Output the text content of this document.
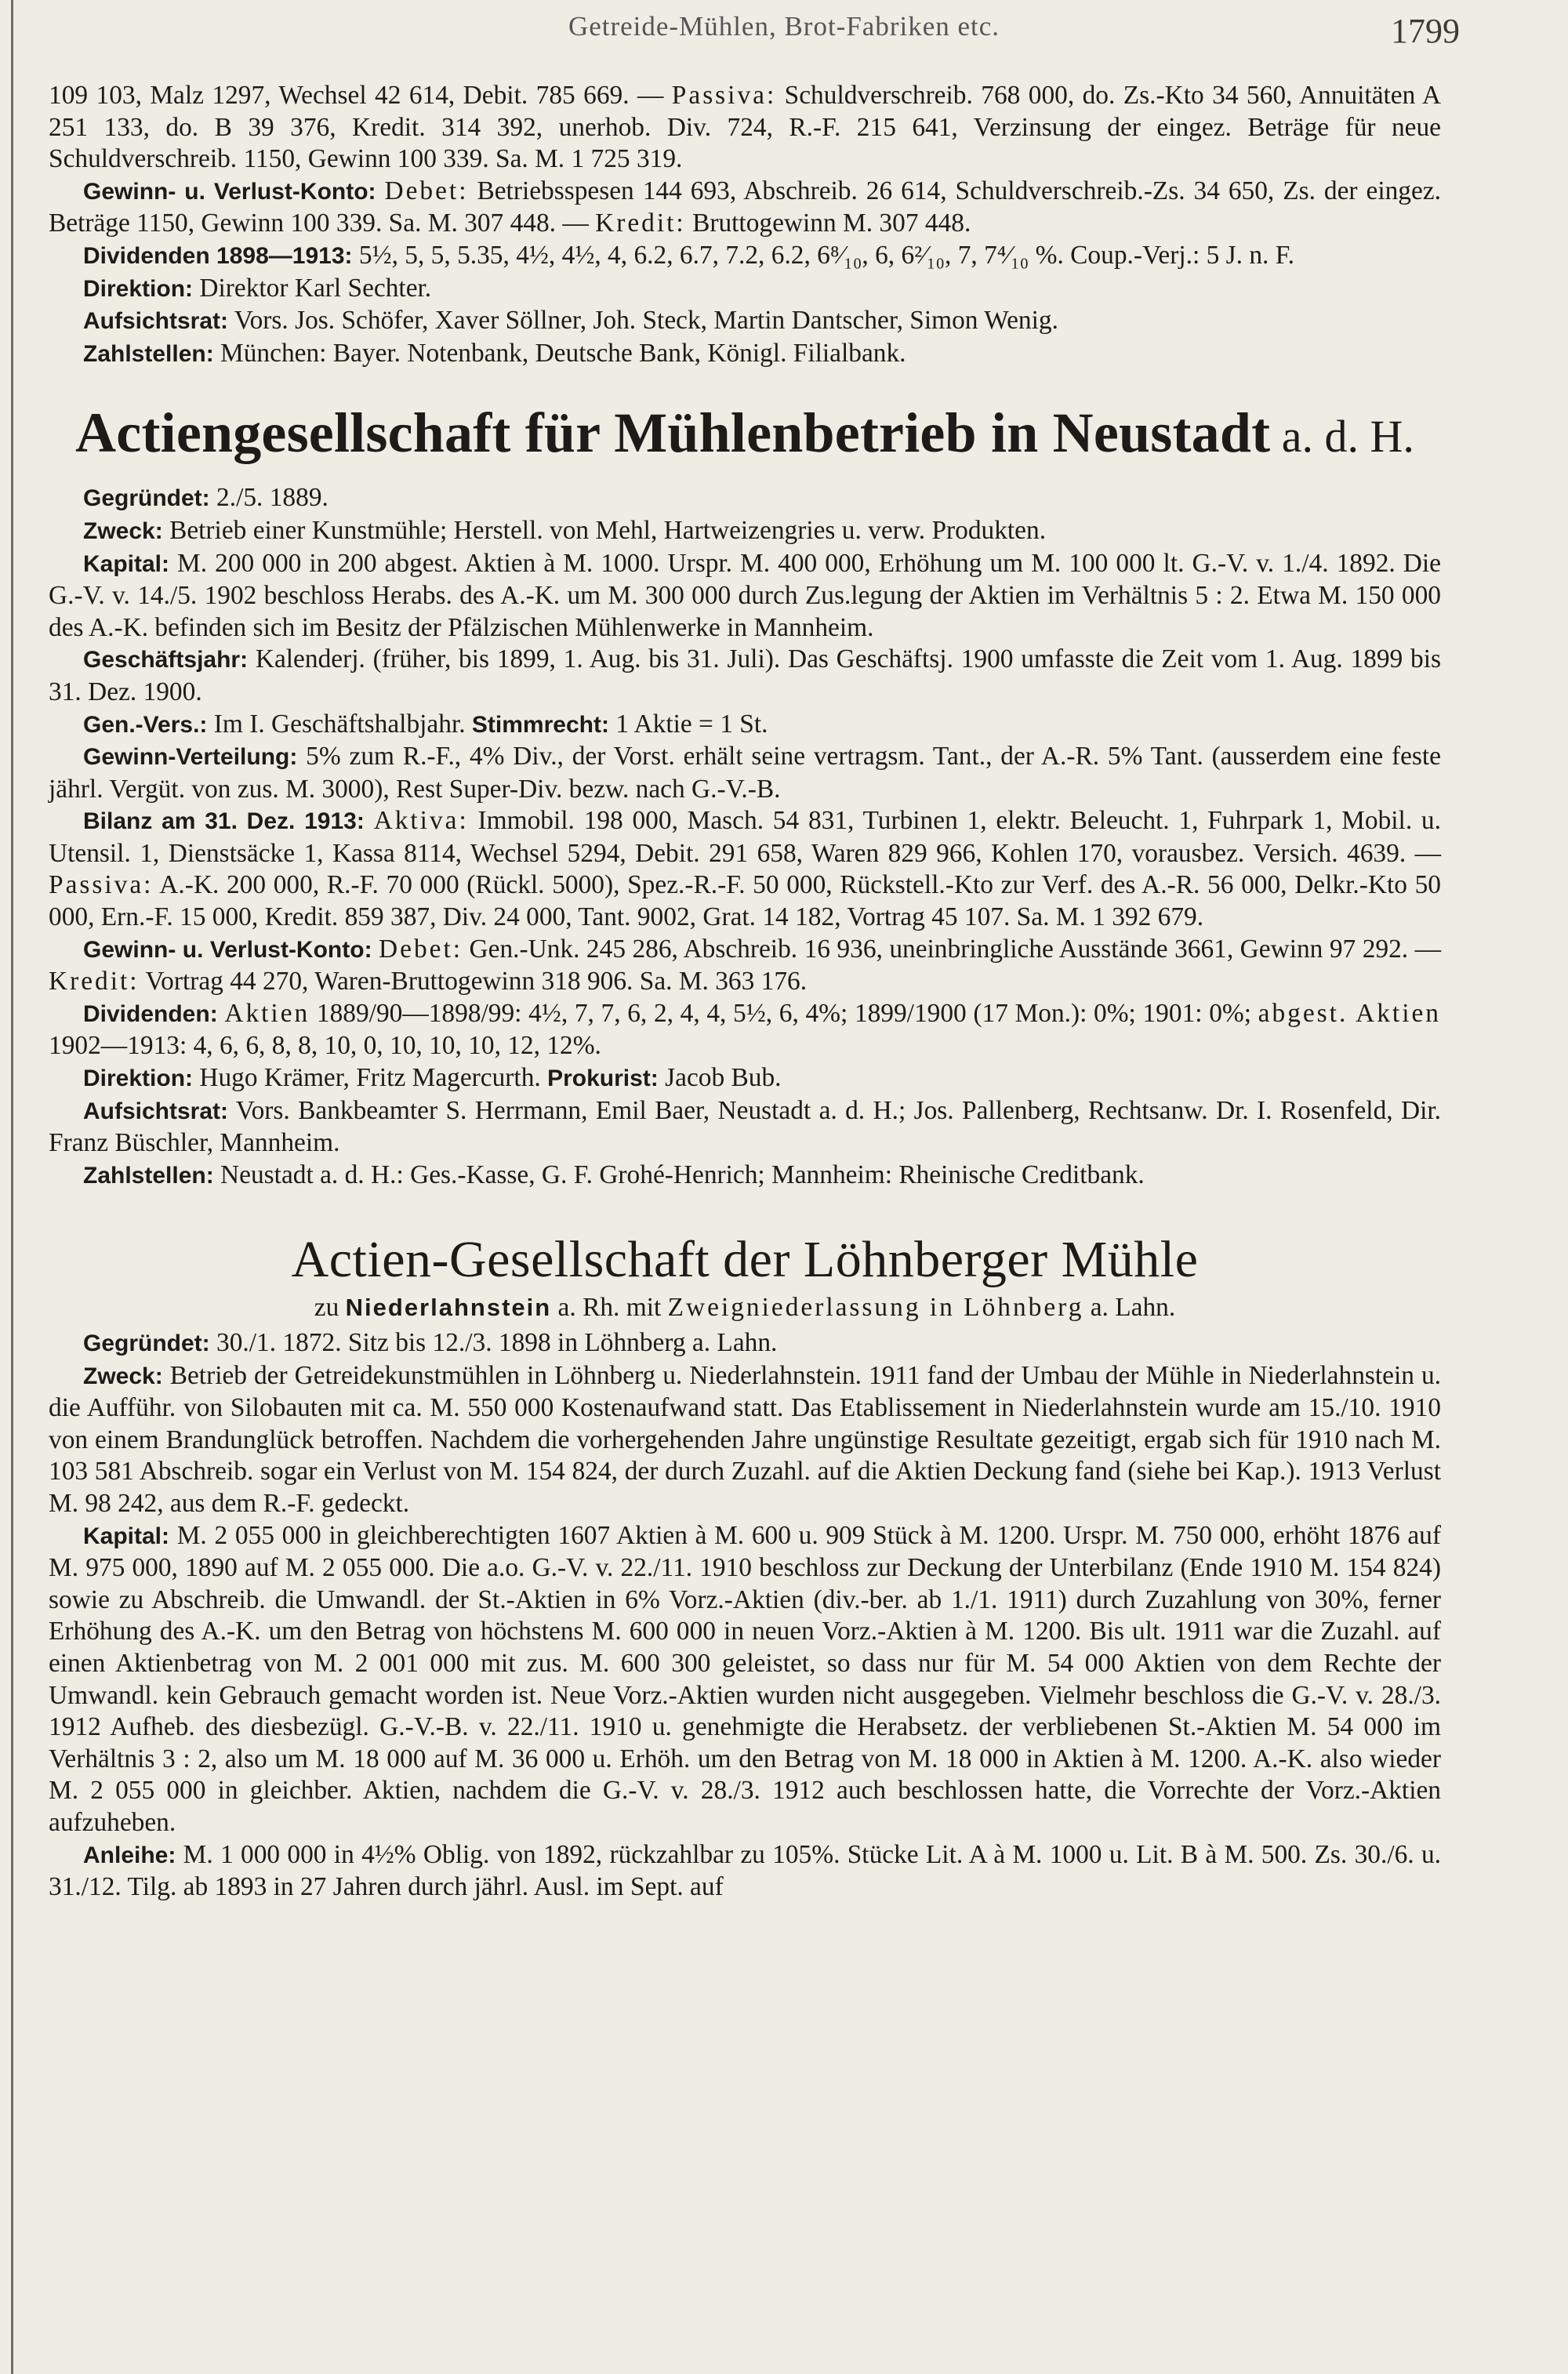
Getreide-Mühlen, Brot-Fabriken etc.	1799

109 103, Malz 1297, Wechsel 42 614, Debit. 785 669. — Passiva: Schuldverschreib. 768 000, do. Zs.-Kto 34 560, Annuitäten A 251 133, do. B 39 376, Kredit. 314 392, unerhob. Div. 724, R.-F. 215 641, Verzinsung der eingez. Beträge für neue Schuldverschreib. 1150, Gewinn 100 339. Sa. M. 1 725 319.

Gewinn- u. Verlust-Konto: Debet: Betriebsspesen 144 693, Abschreib. 26 614, Schuldverschreib.-Zs. 34 650, Zs. der eingez. Beträge 1150, Gewinn 100 339. Sa. M. 307 448. — Kredit: Bruttogewinn M. 307 448.

Dividenden 1898—1913: 5½, 5, 5, 5.35, 4½, 4½, 4, 6.2, 6.7, 7.2, 6.2, 6⁸⁄₁₀, 6, 6²⁄₁₀, 7, 7⁴⁄₁₀ %. Coup.-Verj.: 5 J. n. F.

Direktion: Direktor Karl Sechter.

Aufsichtsrat: Vors. Jos. Schöfer, Xaver Söllner, Joh. Steck, Martin Dantscher, Simon Wenig.

Zahlstellen: München: Bayer. Notenbank, Deutsche Bank, Königl. Filialbank.

Actiengesellschaft für Mühlenbetrieb in Neustadt a. d. H.

Gegründet: 2./5. 1889.

Zweck: Betrieb einer Kunstmühle; Herstell. von Mehl, Hartweizengries u. verw. Produkten.

Kapital: M. 200 000 in 200 abgest. Aktien à M. 1000. Urspr. M. 400 000, Erhöhung um M. 100 000 lt. G.-V. v. 1./4. 1892. Die G.-V. v. 14./5. 1902 beschloss Herabs. des A.-K. um M. 300 000 durch Zus.legung der Aktien im Verhältnis 5 : 2. Etwa M. 150 000 des A.-K. befinden sich im Besitz der Pfälzischen Mühlenwerke in Mannheim.

Geschäftsjahr: Kalenderj. (früher, bis 1899, 1. Aug. bis 31. Juli). Das Geschäftsj. 1900 umfasste die Zeit vom 1. Aug. 1899 bis 31. Dez. 1900.

Gen.-Vers.: Im I. Geschäftshalbjahr. Stimmrecht: 1 Aktie = 1 St.

Gewinn-Verteilung: 5% zum R.-F., 4% Div., der Vorst. erhält seine vertragsm. Tant., der A.-R. 5% Tant. (ausserdem eine feste jährl. Vergüt. von zus. M. 3000), Rest Super-Div. bezw. nach G.-V.-B.

Bilanz am 31. Dez. 1913: Aktiva: Immobil. 198 000, Masch. 54 831, Turbinen 1, elektr. Beleucht. 1, Fuhrpark 1, Mobil. u. Utensil. 1, Dienstsäcke 1, Kassa 8114, Wechsel 5294, Debit. 291 658, Waren 829 966, Kohlen 170, vorausbez. Versich. 4639. — Passiva: A.-K. 200 000, R.-F. 70 000 (Rückl. 5000), Spez.-R.-F. 50 000, Rückstell.-Kto zur Verf. des A.-R. 56 000, Delkr.-Kto 50 000, Ern.-F. 15 000, Kredit. 859 387, Div. 24 000, Tant. 9002, Grat. 14 182, Vortrag 45 107. Sa. M. 1 392 679.

Gewinn- u. Verlust-Konto: Debet: Gen.-Unk. 245 286, Abschreib. 16 936, uneinbringliche Ausstände 3661, Gewinn 97 292. — Kredit: Vortrag 44 270, Waren-Bruttogewinn 318 906. Sa. M. 363 176.

Dividenden: Aktien 1889/90—1898/99: 4½, 7, 7, 6, 2, 4, 4, 5½, 6, 4%; 1899/1900 (17 Mon.): 0%; 1901: 0%; abgest. Aktien 1902—1913: 4, 6, 6, 8, 8, 10, 0, 10, 10, 10, 12, 12%.

Direktion: Hugo Krämer, Fritz Magercurth. Prokurist: Jacob Bub.

Aufsichtsrat: Vors. Bankbeamter S. Herrmann, Emil Baer, Neustadt a. d. H.; Jos. Pallenberg, Rechtsanw. Dr. I. Rosenfeld, Dir. Franz Büschler, Mannheim.

Zahlstellen: Neustadt a. d. H.: Ges.-Kasse, G. F. Grohé-Henrich; Mannheim: Rheinische Creditbank.

Actien-Gesellschaft der Löhnberger Mühle
zu Niederlahnstein a. Rh. mit Zweigniederlassung in Löhnberg a. Lahn.

Gegründet: 30./1. 1872. Sitz bis 12./3. 1898 in Löhnberg a. Lahn.

Zweck: Betrieb der Getreidekunstmühlen in Löhnberg u. Niederlahnstein. 1911 fand der Umbau der Mühle in Niederlahnstein u. die Aufführ. von Silobauten mit ca. M. 550 000 Kostenaufwand statt. Das Etablissement in Niederlahnstein wurde am 15./10. 1910 von einem Brandunglück betroffen. Nachdem die vorhergehenden Jahre ungünstige Resultate gezeitigt, ergab sich für 1910 nach M. 103 581 Abschreib. sogar ein Verlust von M. 154 824, der durch Zuzahl. auf die Aktien Deckung fand (siehe bei Kap.). 1913 Verlust M. 98 242, aus dem R.-F. gedeckt.

Kapital: M. 2 055 000 in gleichberechtigten 1607 Aktien à M. 600 u. 909 Stück à M. 1200. Urspr. M. 750 000, erhöht 1876 auf M. 975 000, 1890 auf M. 2 055 000. Die a.o. G.-V. v. 22./11. 1910 beschloss zur Deckung der Unterbilanz (Ende 1910 M. 154 824) sowie zu Abschreib. die Umwandl. der St.-Aktien in 6% Vorz.-Aktien (div.-ber. ab 1./1. 1911) durch Zuzahlung von 30%, ferner Erhöhung des A.-K. um den Betrag von höchstens M. 600 000 in neuen Vorz.-Aktien à M. 1200. Bis ult. 1911 war die Zuzahl. auf einen Aktienbetrag von M. 2 001 000 mit zus. M. 600 300 geleistet, so dass nur für M. 54 000 Aktien von dem Rechte der Umwandl. kein Gebrauch gemacht worden ist. Neue Vorz.-Aktien wurden nicht ausgegeben. Vielmehr beschloss die G.-V. v. 28./3. 1912 Aufheb. des diesbezügl. G.-V.-B. v. 22./11. 1910 u. genehmigte die Herabsetz. der verbliebenen St.-Aktien M. 54 000 im Verhältnis 3 : 2, also um M. 18 000 auf M. 36 000 u. Erhöh. um den Betrag von M. 18 000 in Aktien à M. 1200. A.-K. also wieder M. 2 055 000 in gleichber. Aktien, nachdem die G.-V. v. 28./3. 1912 auch beschlossen hatte, die Vorrechte der Vorz.-Aktien aufzuheben.

Anleihe: M. 1 000 000 in 4½% Oblig. von 1892, rückzahlbar zu 105%. Stücke Lit. A à M. 1000 u. Lit. B à M. 500. Zs. 30./6. u. 31./12. Tilg. ab 1893 in 27 Jahren durch jährl. Ausl. im Sept. auf
